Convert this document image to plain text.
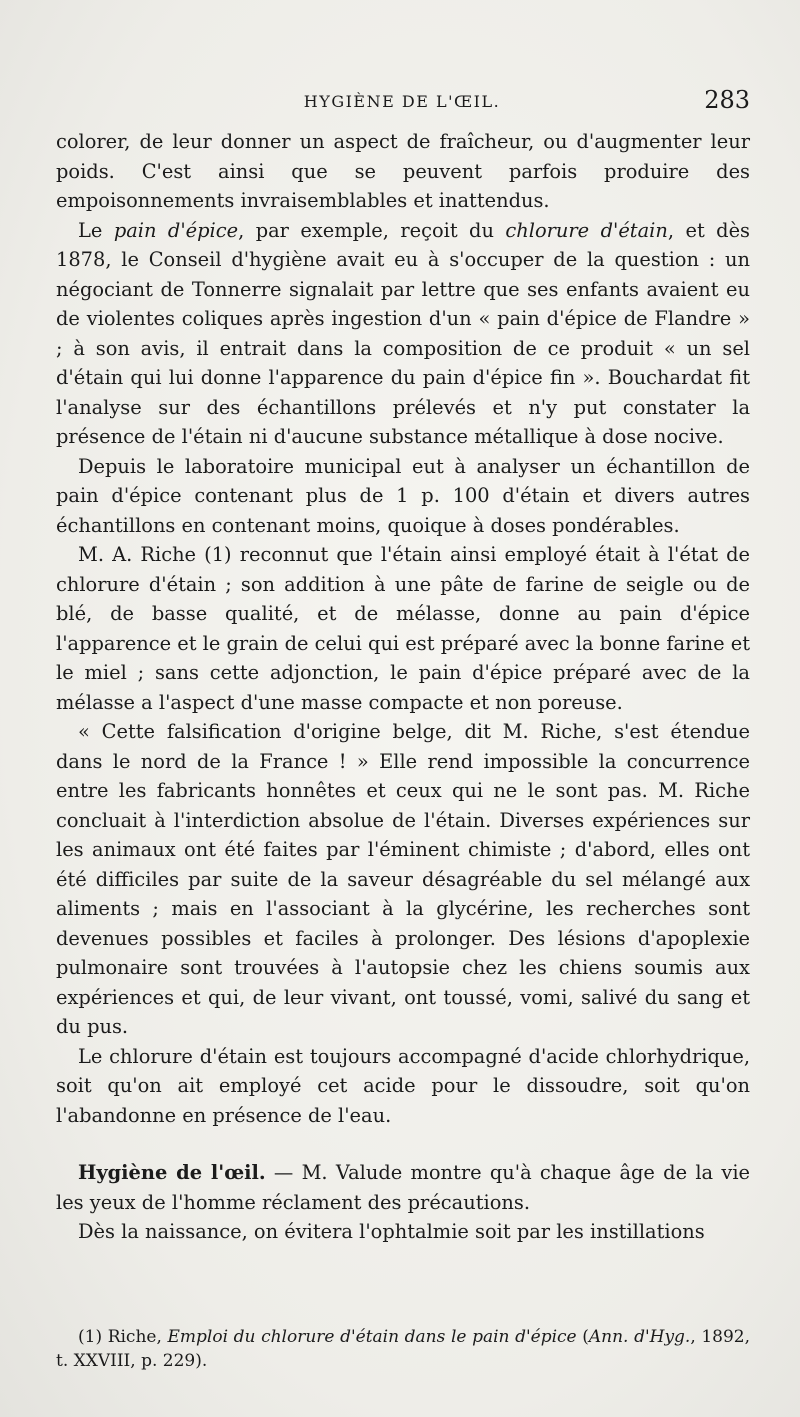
HYGIÈNE DE L'ŒIL.	283

colorer, de leur donner un aspect de fraîcheur, ou d'augmenter leur poids. C'est ainsi que se peuvent parfois produire des empoisonnements invraisemblables et inattendus.

Le pain d'épice, par exemple, reçoit du chlorure d'étain, et dès 1878, le Conseil d'hygiène avait eu à s'occuper de la question : un négociant de Tonnerre signalait par lettre que ses enfants avaient eu de violentes coliques après ingestion d'un « pain d'épice de Flandre » ; à son avis, il entrait dans la composition de ce produit « un sel d'étain qui lui donne l'apparence du pain d'épice fin ». Bouchardat fit l'analyse sur des échantillons prélevés et n'y put constater la présence de l'étain ni d'aucune substance métallique à dose nocive.

Depuis le laboratoire municipal eut à analyser un échantillon de pain d'épice contenant plus de 1 p. 100 d'étain et divers autres échantillons en contenant moins, quoique à doses pondérables.

M. A. Riche (1) reconnut que l'étain ainsi employé était à l'état de chlorure d'étain ; son addition à une pâte de farine de seigle ou de blé, de basse qualité, et de mélasse, donne au pain d'épice l'apparence et le grain de celui qui est préparé avec la bonne farine et le miel ; sans cette adjonction, le pain d'épice préparé avec de la mélasse a l'aspect d'une masse compacte et non poreuse.

« Cette falsification d'origine belge, dit M. Riche, s'est étendue dans le nord de la France ! » Elle rend impossible la concurrence entre les fabricants honnêtes et ceux qui ne le sont pas. M. Riche concluait à l'interdiction absolue de l'étain. Diverses expériences sur les animaux ont été faites par l'éminent chimiste ; d'abord, elles ont été difficiles par suite de la saveur désagréable du sel mélangé aux aliments ; mais en l'associant à la glycérine, les recherches sont devenues possibles et faciles à prolonger. Des lésions d'apoplexie pulmonaire sont trouvées à l'autopsie chez les chiens soumis aux expériences et qui, de leur vivant, ont toussé, vomi, salivé du sang et du pus.

Le chlorure d'étain est toujours accompagné d'acide chlorhydrique, soit qu'on ait employé cet acide pour le dissoudre, soit qu'on l'abandonne en présence de l'eau.

Hygiène de l'œil. — M. Valude montre qu'à chaque âge de la vie les yeux de l'homme réclament des précautions.

Dès la naissance, on évitera l'ophtalmie soit par les instillations

(1) Riche, Emploi du chlorure d'étain dans le pain d'épice (Ann. d'Hyg., 1892, t. XXVIII, p. 229).
